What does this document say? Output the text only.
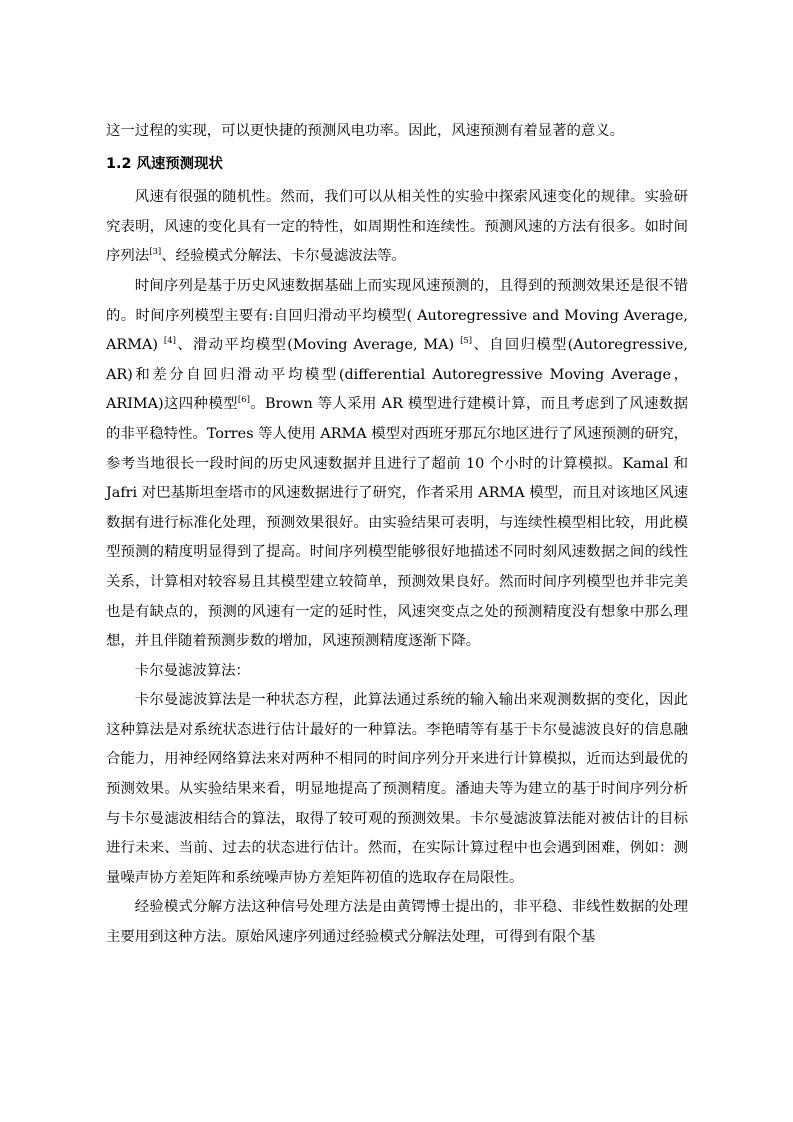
这一过程的实现，可以更快捷的预测风电功率。因此，风速预测有着显著的意义。

1.2 风速预测现状

风速有很强的随机性。然而，我们可以从相关性的实验中探索风速变化的规律。实验研究表明，风速的变化具有一定的特性，如周期性和连续性。预测风速的方法有很多。如时间序列法[3]、经验模式分解法、卡尔曼滤波法等。

时间序列是基于历史风速数据基础上而实现风速预测的，且得到的预测效果还是很不错的。时间序列模型主要有:自回归滑动平均模型( Autoregressive and Moving Average, ARMA) [4]、滑动平均模型(Moving Average, MA) [5]、自回归模型(Autoregressive, AR)和差分自回归滑动平均模型(differential Autoregressive Moving Average，ARIMA)这四种模型[6]。Brown 等人采用 AR 模型进行建模计算，而且考虑到了风速数据的非平稳特性。Torres 等人使用 ARMA 模型对西班牙那瓦尔地区进行了风速预测的研究，参考当地很长一段时间的历史风速数据并且进行了超前 10 个小时的计算模拟。Kamal 和 Jafri 对巴基斯坦奎塔市的风速数据进行了研究，作者采用 ARMA 模型，而且对该地区风速数据有进行标准化处理，预测效果很好。由实验结果可表明，与连续性模型相比较，用此模型预测的精度明显得到了提高。时间序列模型能够很好地描述不同时刻风速数据之间的线性关系，计算相对较容易且其模型建立较简单，预测效果良好。然而时间序列模型也并非完美也是有缺点的，预测的风速有一定的延时性，风速突变点之处的预测精度没有想象中那么理想，并且伴随着预测步数的增加，风速预测精度逐渐下降。

卡尔曼滤波算法：

卡尔曼滤波算法是一种状态方程，此算法通过系统的输入输出来观测数据的变化，因此这种算法是对系统状态进行估计最好的一种算法。李艳晴等有基于卡尔曼滤波良好的信息融合能力，用神经网络算法来对两种不相同的时间序列分开来进行计算模拟，近而达到最优的预测效果。从实验结果来看，明显地提高了预测精度。潘迪夫等为建立的基于时间序列分析与卡尔曼滤波相结合的算法，取得了较可观的预测效果。卡尔曼滤波算法能对被估计的目标进行未来、当前、过去的状态进行估计。然而，在实际计算过程中也会遇到困难，例如：测量噪声协方差矩阵和系统噪声协方差矩阵初值的选取存在局限性。

经验模式分解方法这种信号处理方法是由黄锷博士提出的，非平稳、非线性数据的处理主要用到这种方法。原始风速序列通过经验模式分解法处理，可得到有限个基
